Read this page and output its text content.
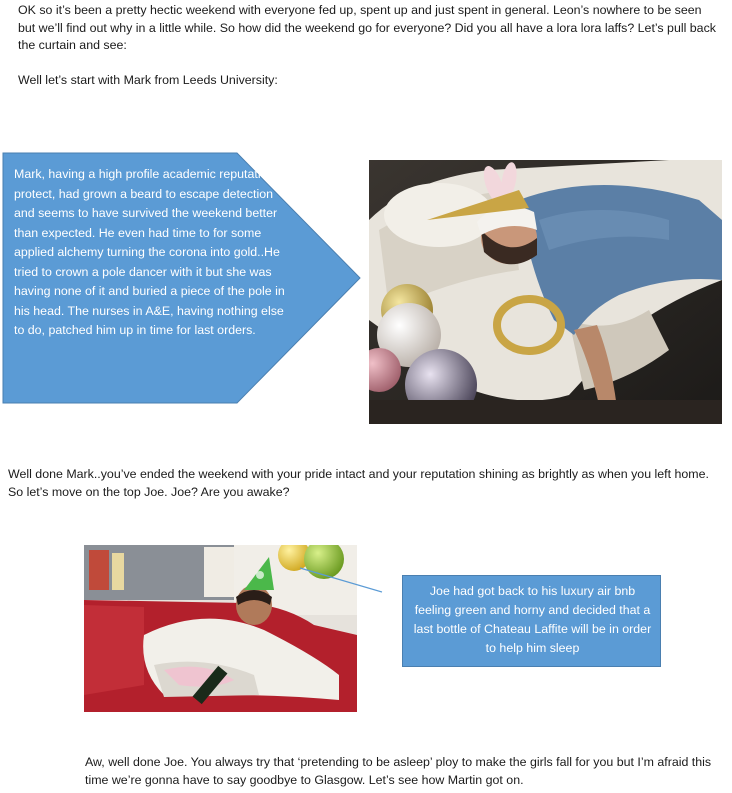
OK so it’s been a pretty hectic weekend with everyone fed up, spent up and just spent in general. Leon’s nowhere to be seen but we’ll find out why in a little while. So how did the weekend go for everyone? Did you all have a lora lora laffs? Let’s pull back the curtain and see:

Well let’s start with Mark from Leeds University:

Mark, having a high profile academic reputation to protect, had grown a beard to escape detection and seems to have survived the weekend better than expected. He even had time to for some applied alchemy turning the corona into gold..He tried to crown a pole dancer with it but she was having none of it and buried a piece of the pole in his head. The nurses in A&E, having nothing else to do, patched him up in time for last orders.

Well done Mark..you’ve ended the weekend with your pride intact and your reputation shining as brightly as when you left home. So let’s move on the top Joe. Joe? Are you awake?

Joe had got back to his luxury air bnb feeling green and horny and decided that a last bottle of Chateau Laffite will be in order to help him sleep

Aw, well done Joe. You always try that ‘pretending to be asleep’ ploy to make the girls fall for you but I’m afraid this time we’re gonna have to say goodbye to Glasgow. Let’s see how Martin got on.
